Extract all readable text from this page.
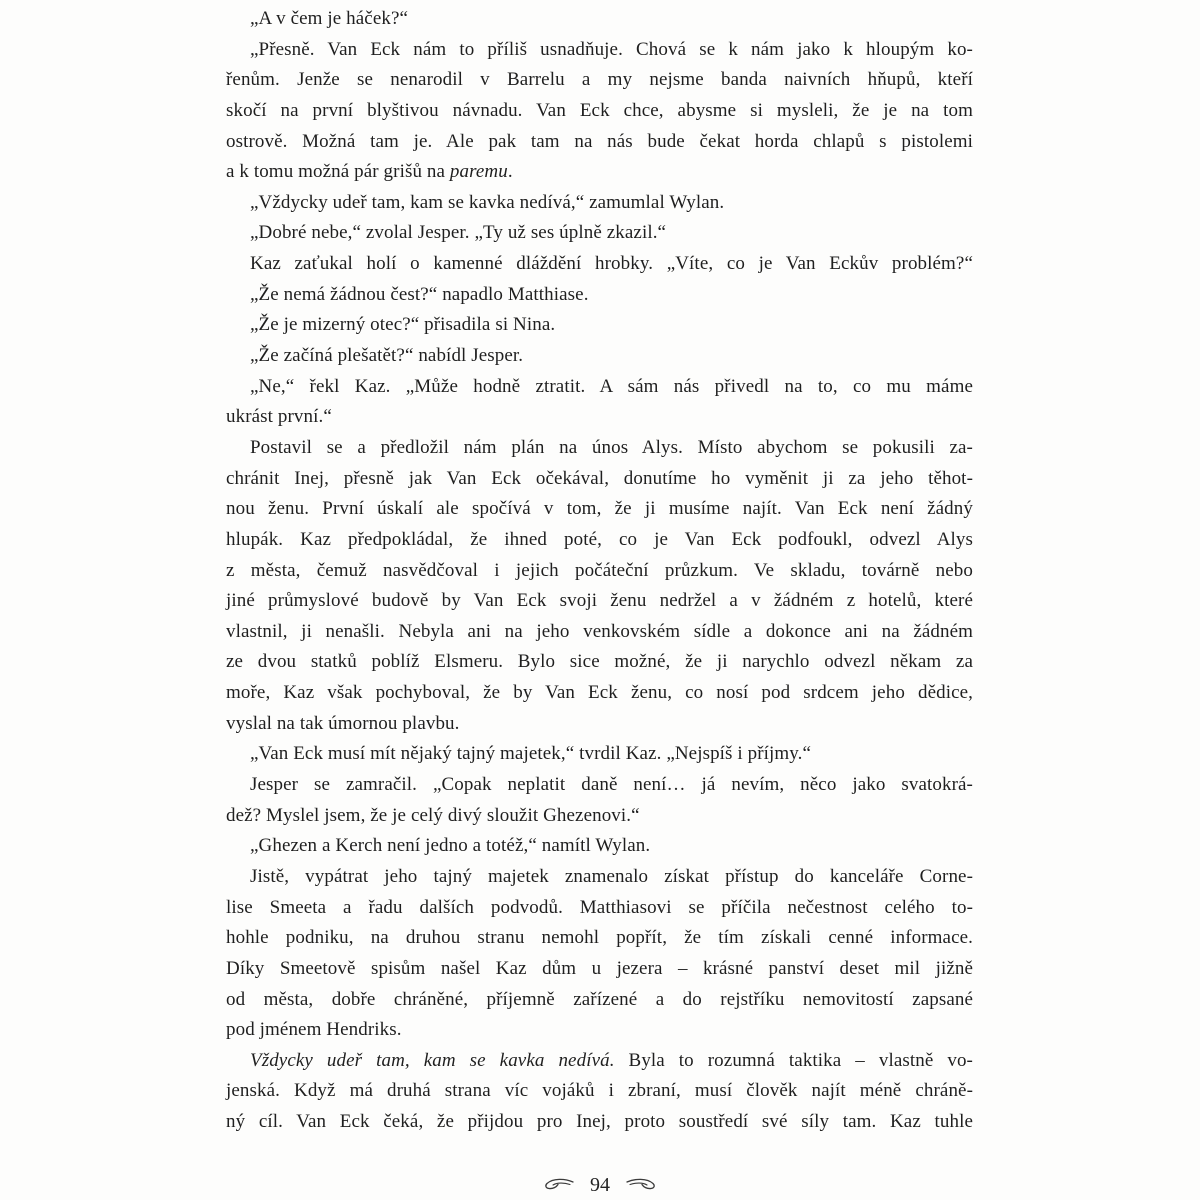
„A v čem je háček?“
„Přesně. Van Eck nám to příliš usnadňuje. Chová se k nám jako k hloupým ko-
řenům. Jenže se nenarodil v Barrelu a my nejsme banda naivních hňupů, kteří
skočí na první blyštivou návnadu. Van Eck chce, abysme si mysleli, že je na tom
ostrově. Možná tam je. Ale pak tam na nás bude čekat horda chlapů s pistolemi
a k tomu možná pár grišů na paremu.
„Vždycky udeř tam, kam se kavka nedívá,“ zamumlal Wylan.
„Dobré nebe,“ zvolal Jesper. „Ty už ses úplně zkazil.“
Kaz zaťukal holí o kamenné dláždění hrobky. „Víte, co je Van Eckův problém?“
„Že nemá žádnou čest?“ napadlo Matthiase.
„Že je mizerný otec?“ přisadila si Nina.
„Že začíná plešatět?“ nabídl Jesper.
„Ne,“ řekl Kaz. „Může hodně ztratit. A sám nás přivedl na to, co mu máme
ukrást první.“
Postavil se a předložil nám plán na únos Alys. Místo abychom se pokusili za-
chránit Inej, přesně jak Van Eck očekával, donutíme ho vyměnit ji za jeho těhot-
nou ženu. První úskalí ale spočívá v tom, že ji musíme najít. Van Eck není žádný
hlupák. Kaz předpokládal, že ihned poté, co je Van Eck podfoukl, odvezl Alys
z města, čemuž nasvědčoval i jejich počáteční průzkum. Ve skladu, továrně nebo
jiné průmyslové budově by Van Eck svoji ženu nedržel a v žádném z hotelů, které
vlastnil, ji nenašli. Nebyla ani na jeho venkovském sídle a dokonce ani na žádném
ze dvou statků poblíž Elsmeru. Bylo sice možné, že ji narychlo odvezl někam za
moře, Kaz však pochyboval, že by Van Eck ženu, co nosí pod srdcem jeho dědice,
vyslal na tak úmornou plavbu.
„Van Eck musí mít nějaký tajný majetek,“ tvrdil Kaz. „Nejspíš i příjmy.“
Jesper se zamračil. „Copak neplatit daně není… já nevím, něco jako svatokrá-
dež? Myslel jsem, že je celý divý sloužit Ghezenovi.“
„Ghezen a Kerch není jedno a totéž,“ namítl Wylan.
Jistě, vypátrat jeho tajný majetek znamenalo získat přístup do kanceláře Corne-
lise Smeeta a řadu dalších podvodů. Matthiasovi se příčila nečestnost celého to-
hohle podniku, na druhou stranu nemohl popřít, že tím získali cenné informace.
Díky Smeetově spisům našel Kaz dům u jezera – krásné panství deset mil jižně
od města, dobře chráněné, příjemně zařízené a do rejstříku nemovitostí zapsané
pod jménem Hendriks.
Vždycky udeř tam, kam se kavka nedívá. Byla to rozumná taktika – vlastně vo-
jenská. Když má druhá strana víc vojáků i zbraní, musí člověk najít méně chráně-
ný cíl. Van Eck čeká, že přijdou pro Inej, proto soustředí své síly tam. Kaz tuhle
94
